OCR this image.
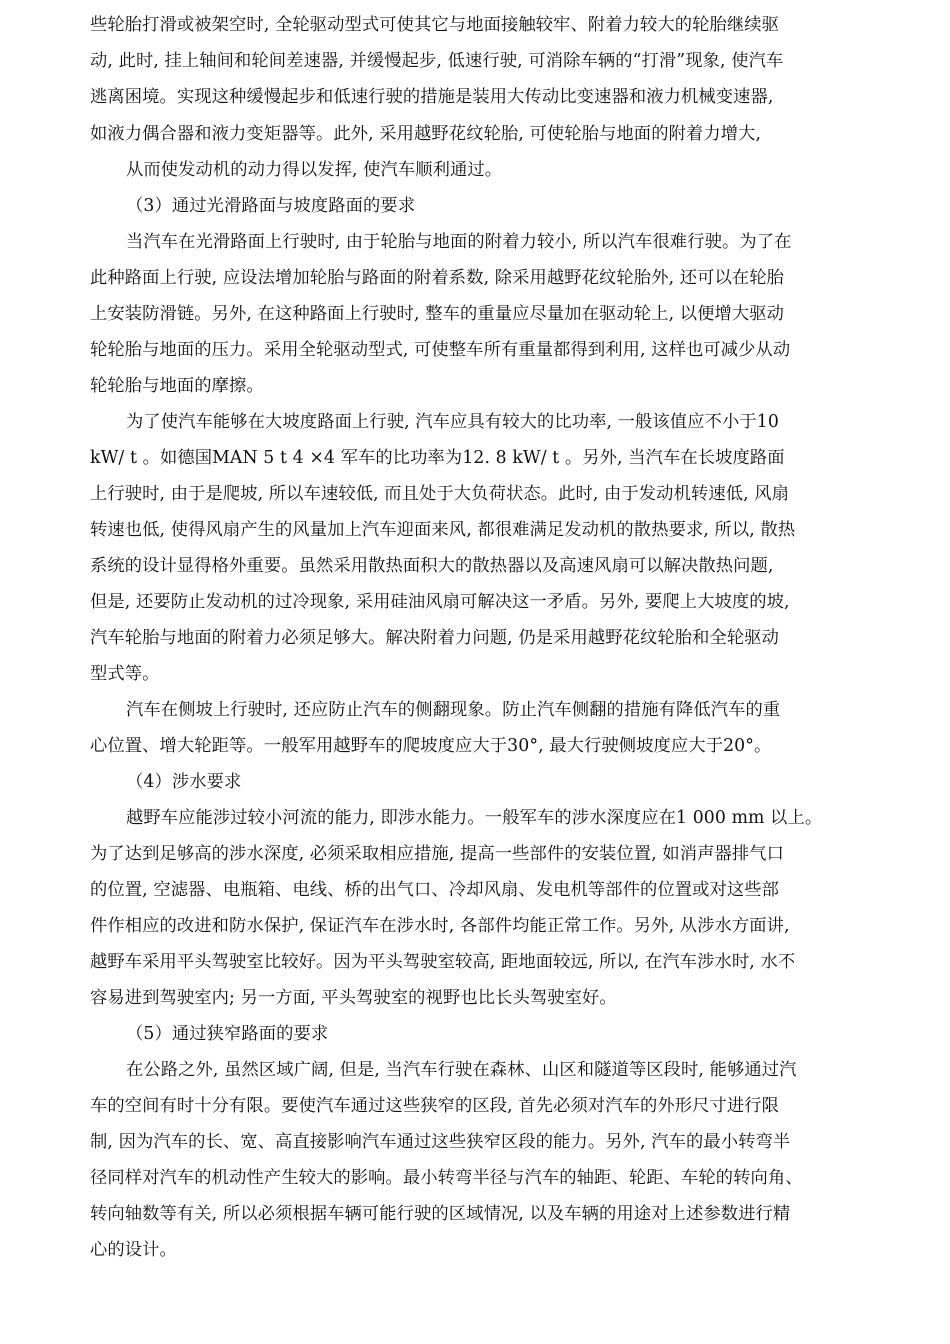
些轮胎打滑或被架空时, 全轮驱动型式可使其它与地面接触较牢、附着力较大的轮胎继续驱
动, 此时, 挂上轴间和轮间差速器, 并缓慢起步, 低速行驶, 可消除车辆的“打滑”现象, 使汽车
逃离困境。实现这种缓慢起步和低速行驶的措施是装用大传动比变速器和液力机械变速器,
如液力偶合器和液力变矩器等。此外, 采用越野花纹轮胎, 可使轮胎与地面的附着力增大,
从而使发动机的动力得以发挥, 使汽车顺利通过。
（3）通过光滑路面与坡度路面的要求
当汽车在光滑路面上行驶时, 由于轮胎与地面的附着力较小, 所以汽车很难行驶。为了在
此种路面上行驶, 应设法增加轮胎与路面的附着系数, 除采用越野花纹轮胎外, 还可以在轮胎
上安装防滑链。另外, 在这种路面上行驶时, 整车的重量应尽量加在驱动轮上, 以便增大驱动
轮轮胎与地面的压力。采用全轮驱动型式, 可使整车所有重量都得到利用, 这样也可减少从动
轮轮胎与地面的摩擦。
为了使汽车能够在大坡度路面上行驶, 汽车应具有较大的比功率, 一般该值应不小于10
kW/ t 。如德国MAN 5 t 4 ×4 军车的比功率为12. 8 kW/ t 。另外, 当汽车在长坡度路面
上行驶时, 由于是爬坡, 所以车速较低, 而且处于大负荷状态。此时, 由于发动机转速低, 风扇
转速也低, 使得风扇产生的风量加上汽车迎面来风, 都很难满足发动机的散热要求, 所以, 散热
系统的设计显得格外重要。虽然采用散热面积大的散热器以及高速风扇可以解决散热问题,
但是, 还要防止发动机的过冷现象, 采用硅油风扇可解决这一矛盾。另外, 要爬上大坡度的坡,
汽车轮胎与地面的附着力必须足够大。解决附着力问题, 仍是采用越野花纹轮胎和全轮驱动
型式等。
汽车在侧坡上行驶时, 还应防止汽车的侧翻现象。防止汽车侧翻的措施有降低汽车的重
心位置、增大轮距等。一般军用越野车的爬坡度应大于30°, 最大行驶侧坡度应大于20°。
（4）涉水要求
越野车应能涉过较小河流的能力, 即涉水能力。一般军车的涉水深度应在1 000 mm 以上。
为了达到足够高的涉水深度, 必须采取相应措施, 提高一些部件的安装位置, 如消声器排气口
的位置, 空滤器、电瓶箱、电线、桥的出气口、冷却风扇、发电机等部件的位置或对这些部
件作相应的改进和防水保护, 保证汽车在涉水时, 各部件均能正常工作。另外, 从涉水方面讲,
越野车采用平头驾驶室比较好。因为平头驾驶室较高, 距地面较远, 所以, 在汽车涉水时, 水不
容易进到驾驶室内; 另一方面, 平头驾驶室的视野也比长头驾驶室好。
（5）通过狭窄路面的要求
在公路之外, 虽然区域广阔, 但是, 当汽车行驶在森林、山区和隧道等区段时, 能够通过汽
车的空间有时十分有限。要使汽车通过这些狭窄的区段, 首先必须对汽车的外形尺寸进行限
制, 因为汽车的长、宽、高直接影响汽车通过这些狭窄区段的能力。另外, 汽车的最小转弯半
径同样对汽车的机动性产生较大的影响。最小转弯半径与汽车的轴距、轮距、车轮的转向角、
转向轴数等有关, 所以必须根据车辆可能行驶的区域情况, 以及车辆的用途对上述参数进行精
心的设计。
